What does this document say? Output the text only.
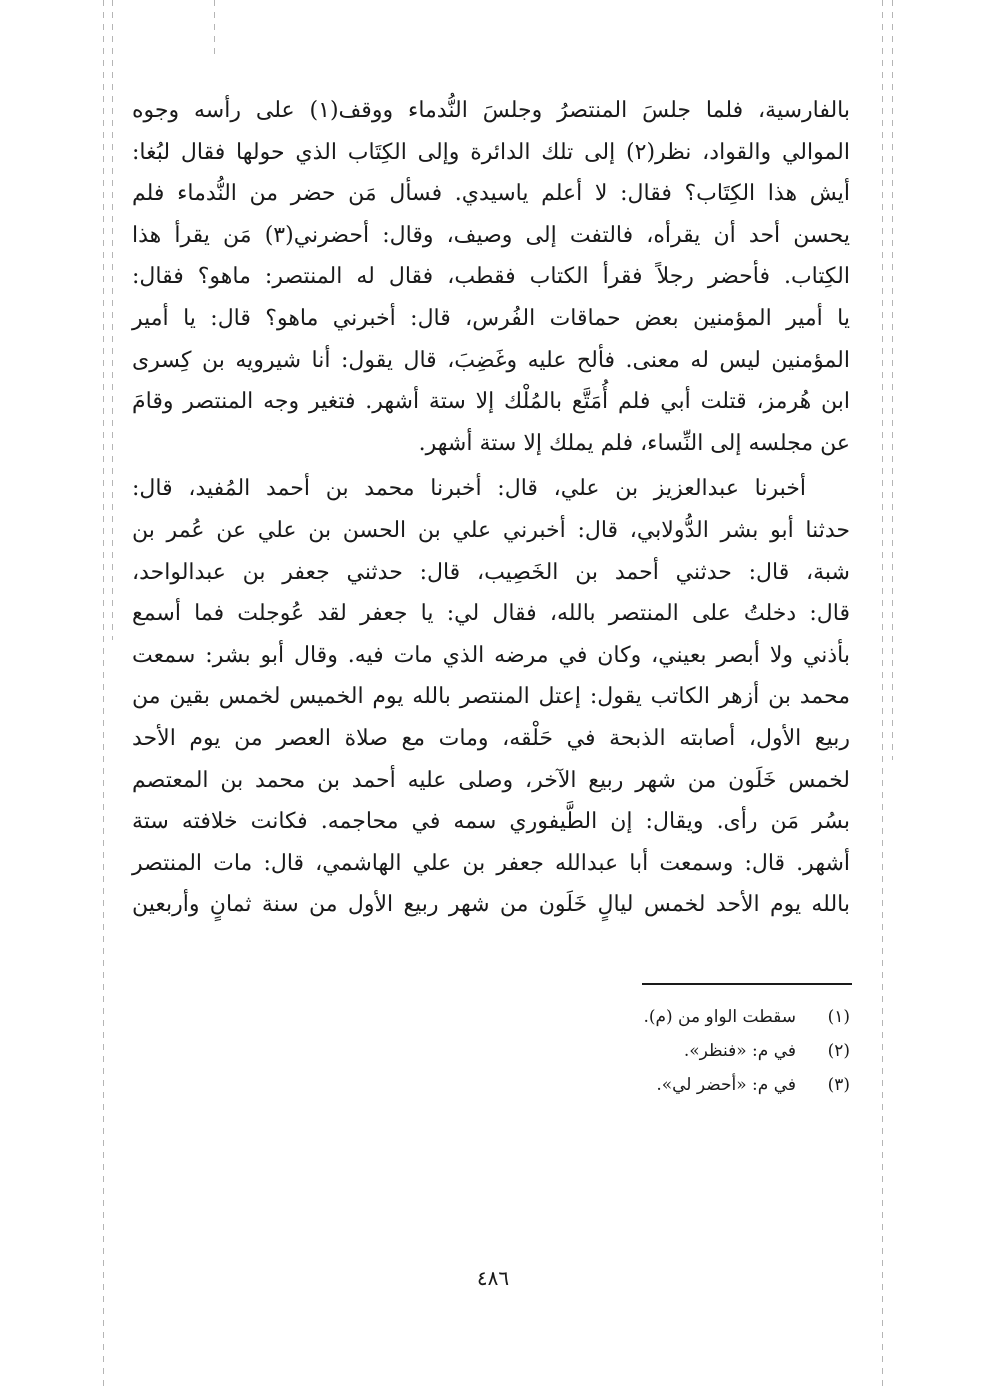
بالفارسية، فلما جلسَ المنتصرُ وجلسَ النُّدماء ووقف(١) على رأسه وجوه
الموالي والقواد، نظر(٢) إلى تلك الدائرة وإلى الكِتَاب الذي حولها فقال لبُغا:
أيش هذا الكِتَاب؟ فقال: لا أعلم ياسيدي. فسأل مَن حضر من النُّدماء فلم
يحسن أحد أن يقرأه، فالتفت إلى وصيف، وقال: أحضرني(٣) مَن يقرأ هذا
الكِتاب. فأحضر رجلاً فقرأ الكتاب فقطب، فقال له المنتصر: ماهو؟ فقال:
يا أمير المؤمنين بعض حماقات الفُرس، قال: أخبرني ماهو؟ قال: يا أمير
المؤمنين ليس له معنى. فألح عليه وغَضِبَ، قال يقول: أنا شيرويه بن كِسرى
ابن هُرمز، قتلت أبي فلم أُمَتَّع بالمُلْك إلا ستة أشهر. فتغير وجه المنتصر وقامَ
عن مجلسه إلى النِّساء، فلم يملك إلا ستة أشهر.
أخبرنا عبدالعزيز بن علي، قال: أخبرنا محمد بن أحمد المُفيد، قال:
حدثنا أبو بشر الدُّولابي، قال: أخبرني علي بن الحسن بن علي عن عُمر بن
شبة، قال: حدثني أحمد بن الخَصِيب، قال: حدثني جعفر بن عبدالواحد،
قال: دخلتُ على المنتصر بالله، فقال لي: يا جعفر لقد عُوجلت فما أسمع
بأذني ولا أبصر بعيني، وكان في مرضه الذي مات فيه. وقال أبو بشر: سمعت
محمد بن أزهر الكاتب يقول: إعتل المنتصر بالله يوم الخميس لخمس بقين من
ربيع الأول، أصابته الذبحة في حَلْقه، ومات مع صلاة العصر من يوم الأحد
لخمس خَلَون من شهر ربيع الآخر، وصلى عليه أحمد بن محمد بن المعتصم
بسُر مَن رأى. ويقال: إن الطَّيفوري سمه في محاجمه. فكانت خلافته ستة
أشهر. قال: وسمعت أبا عبدالله جعفر بن علي الهاشمي، قال: مات المنتصر
بالله يوم الأحد لخمس ليالٍ خَلَون من شهر ربيع الأول من سنة ثمانٍ وأربعين
(١)
سقطت الواو من (م).
(٢)
في م: «فنظر».
(٣)
في م: «أحضر لي».
٤٨٦
